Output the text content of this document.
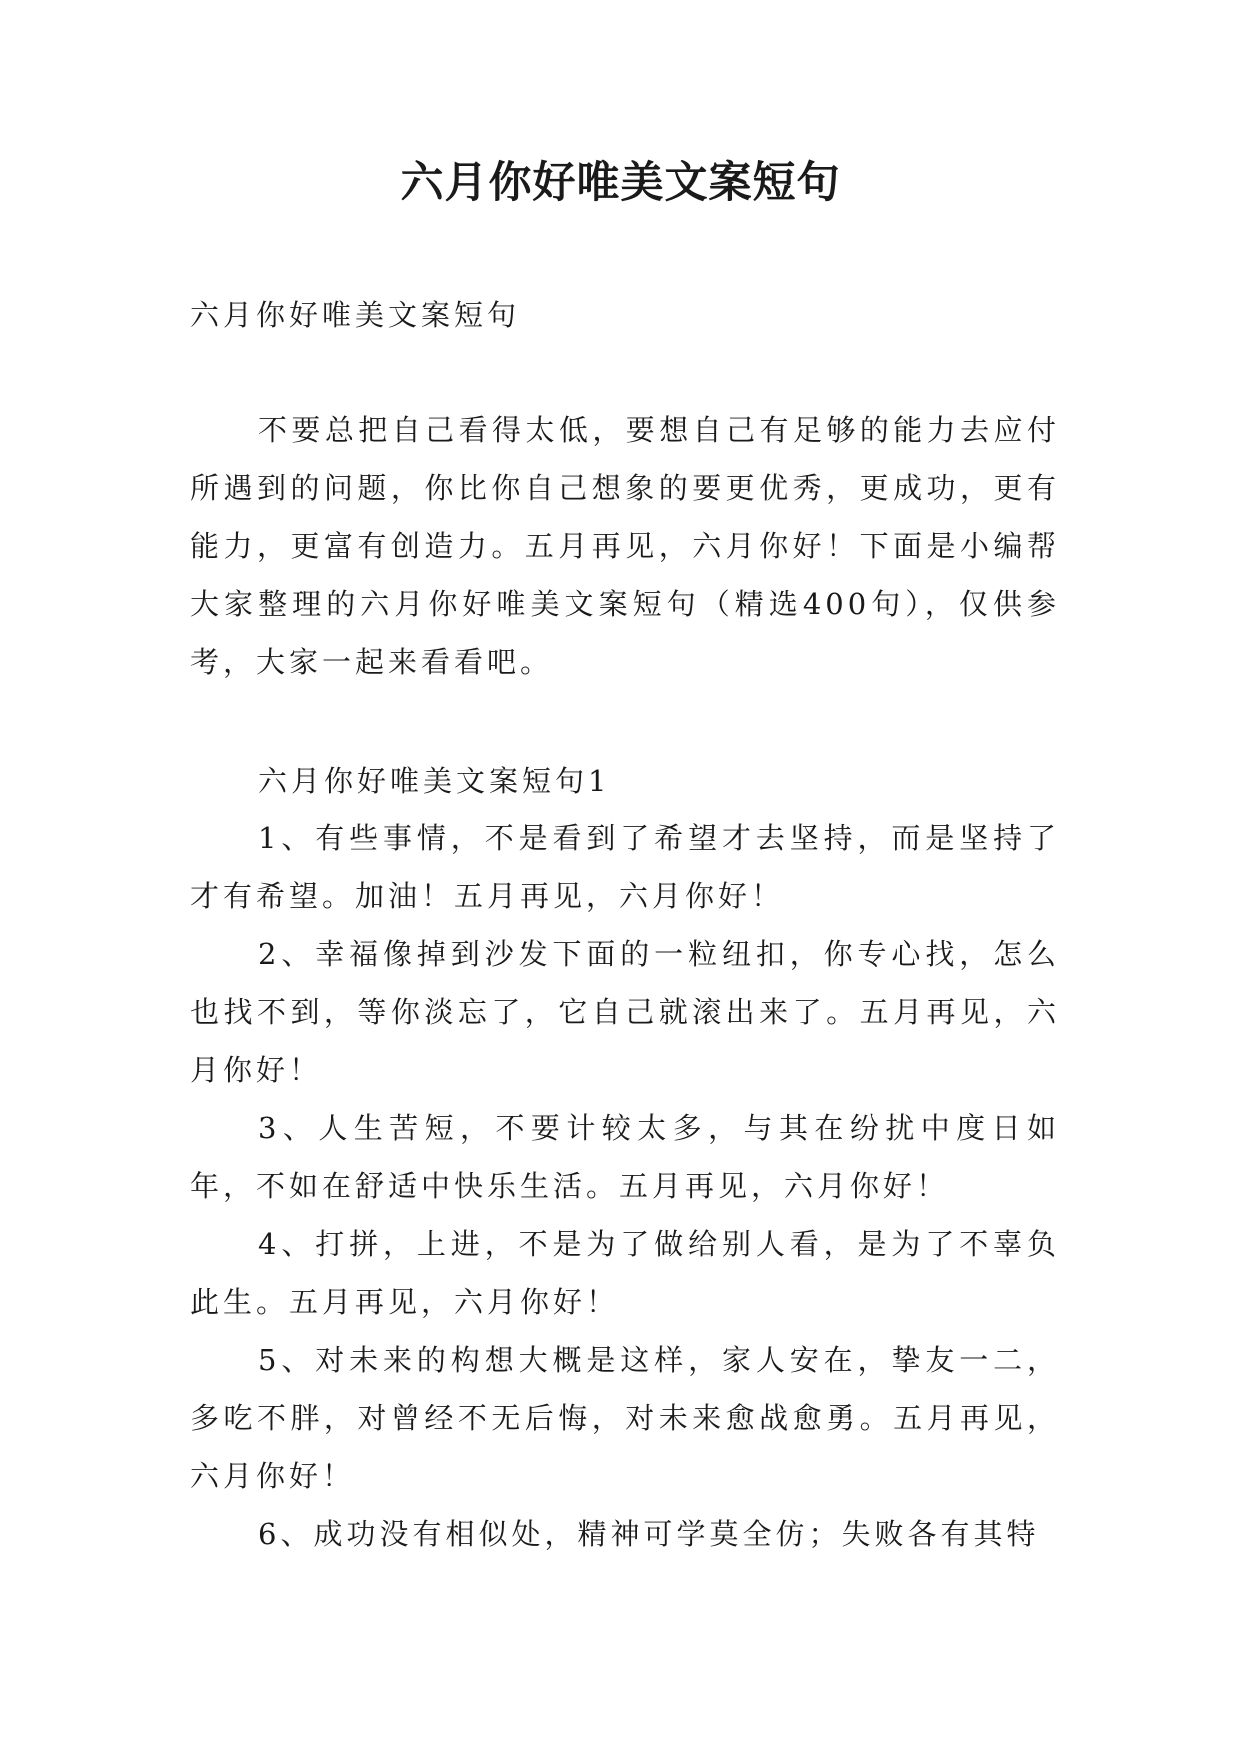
六月你好唯美文案短句

六月你好唯美文案短句

不要总把自己看得太低，要想自己有足够的能力去应付所遇到的问题，你比你自己想象的要更优秀，更成功，更有能力，更富有创造力。五月再见，六月你好！下面是小编帮大家整理的六月你好唯美文案短句（精选400句），仅供参考，大家一起来看看吧。

六月你好唯美文案短句1

1、有些事情，不是看到了希望才去坚持，而是坚持了才有希望。加油！五月再见，六月你好！
2、幸福像掉到沙发下面的一粒纽扣，你专心找，怎么也找不到，等你淡忘了，它自己就滚出来了。五月再见，六月你好！
3、人生苦短，不要计较太多，与其在纷扰中度日如年，不如在舒适中快乐生活。五月再见，六月你好！
4、打拼，上进，不是为了做给别人看，是为了不辜负此生。五月再见，六月你好！
5、对未来的构想大概是这样，家人安在，挚友一二，多吃不胖，对曾经不无后悔，对未来愈战愈勇。五月再见，六月你好！
6、成功没有相似处，精神可学莫全仿；失败各有其特
